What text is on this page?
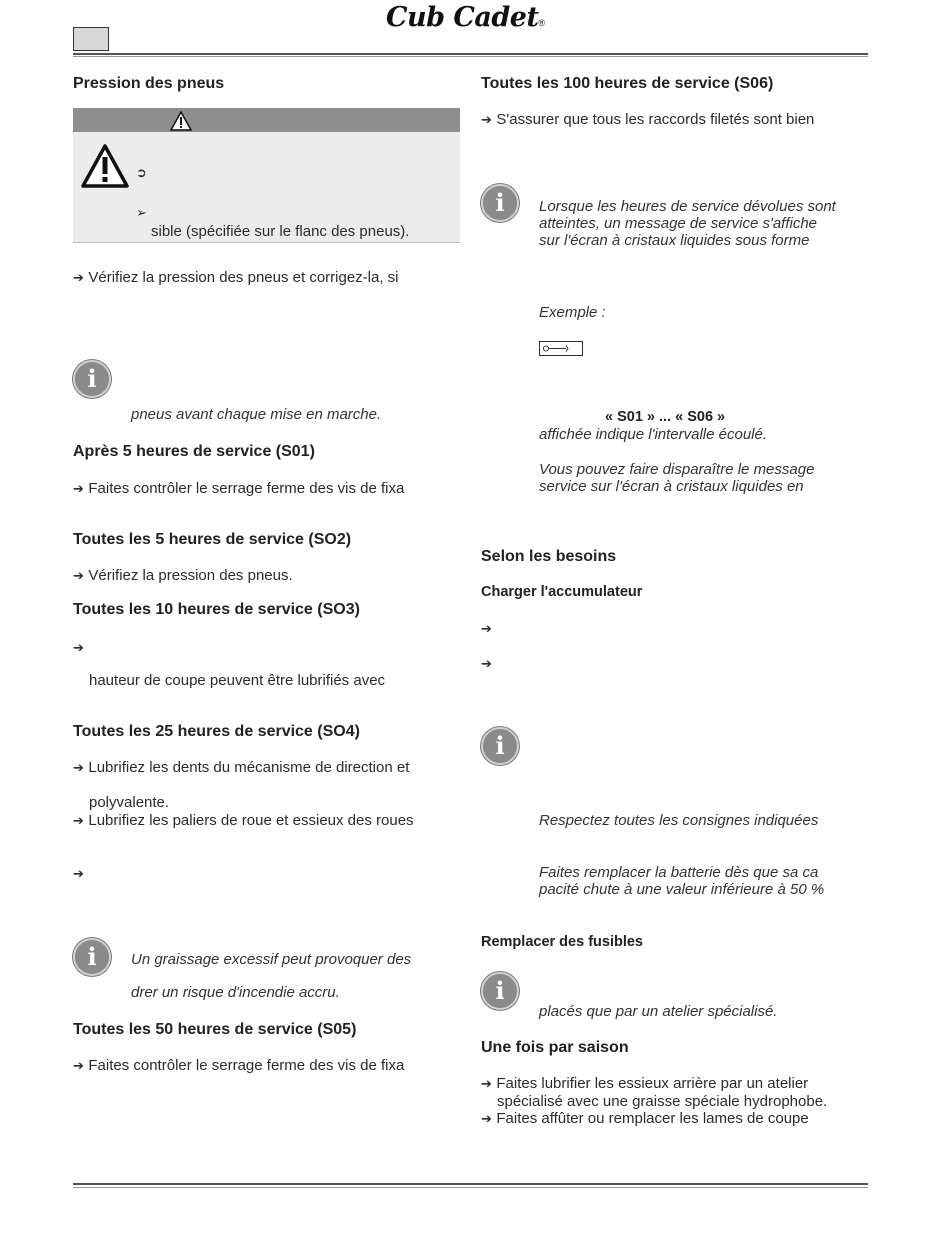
Cub Cadet®
Pression des pneus
➲
➢
sible (spécifiée sur le flanc des pneus).
➔ Vérifiez la pression des pneus et corrigez-la, si
i
pneus avant chaque mise en marche.
Après 5 heures de service (S01)
➔ Faites contrôler le serrage ferme des vis de fixa
Toutes les 5 heures de service (SO2)
➔ Vérifiez la pression des pneus.
Toutes les 10 heures de service (SO3)
➔
hauteur de coupe peuvent être lubrifiés avec
Toutes les 25 heures de service (SO4)
➔ Lubrifiez les dents du mécanisme de direction et
polyvalente.
➔ Lubrifiez les paliers de roue et essieux des roues
➔
i	Un graissage excessif peut provoquer des
drer un risque d'incendie accru.
Toutes les 50 heures de service (S05)
➔ Faites contrôler le serrage ferme des vis de fixa
Toutes les 100 heures de service (S06)
➔ S'assurer que tous les raccords filetés sont bien
i	Lorsque les heures de service dévolues sont
atteintes, un message de service s'affiche
sur l'écran à cristaux liquides sous forme
Exemple :
« S01 » ... « S06 »
affichée indique l'intervalle écoulé.
Vous pouvez faire disparaître le message
service sur l'écran à cristaux liquides en
Selon les besoins
Charger l'accumulateur
➔
➔
i
Respectez toutes les consignes indiquées
Faites remplacer la batterie dès que sa ca
pacité chute à une valeur inférieure à 50 %
Remplacer des fusibles
i
placés que par un atelier spécialisé.
Une fois par saison
➔ Faites lubrifier les essieux arrière par un atelier
spécialisé avec une graisse spéciale hydrophobe.
➔ Faites affûter ou remplacer les lames de coupe
